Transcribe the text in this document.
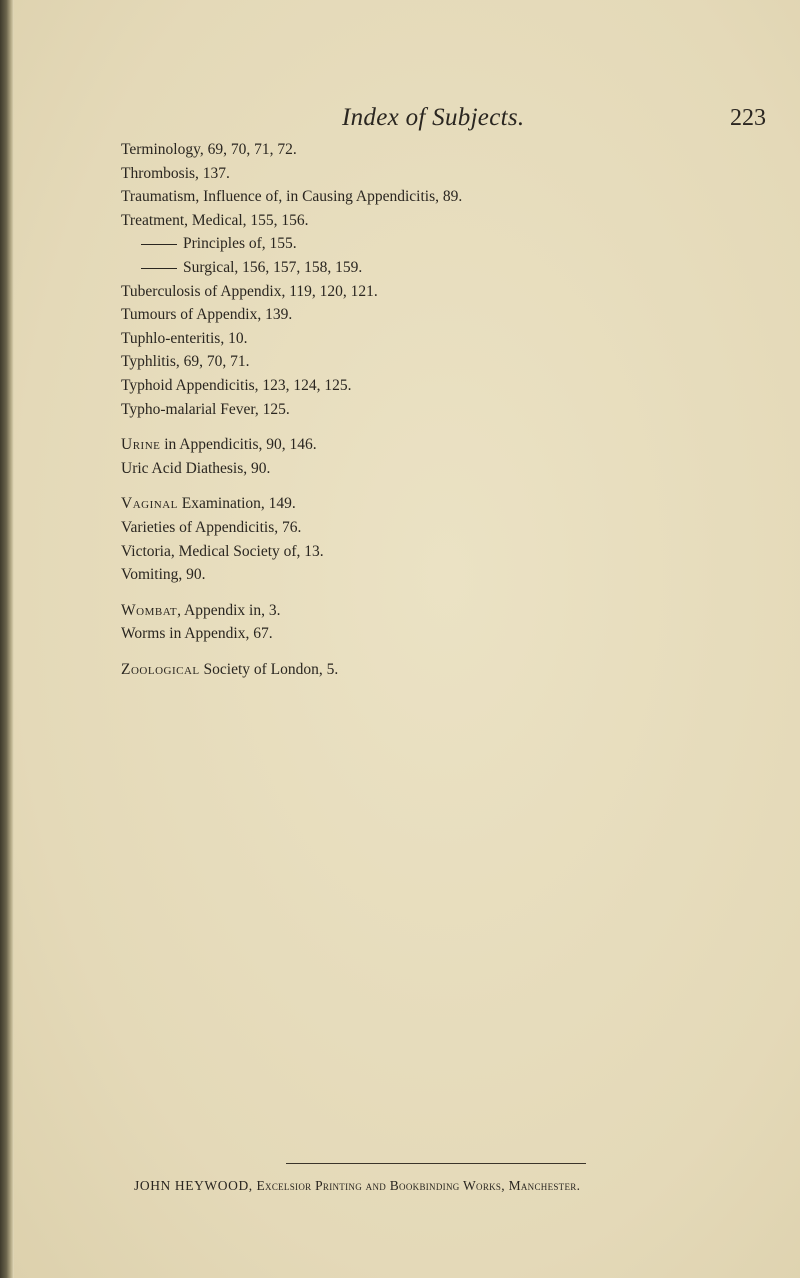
Index of Subjects.	223
Terminology, 69, 70, 71, 72.
Thrombosis, 137.
Traumatism, Influence of, in Causing Appendicitis, 89.
Treatment, Medical, 155, 156.
Principles of, 155.
Surgical, 156, 157, 158, 159.
Tuberculosis of Appendix, 119, 120, 121.
Tumours of Appendix, 139.
Tuphlo-enteritis, 10.
Typhlitis, 69, 70, 71.
Typhoid Appendicitis, 123, 124, 125.
Typho-malarial Fever, 125.
Urine in Appendicitis, 90, 146.
Uric Acid Diathesis, 90.
Vaginal Examination, 149.
Varieties of Appendicitis, 76.
Victoria, Medical Society of, 13.
Vomiting, 90.
Wombat, Appendix in, 3.
Worms in Appendix, 67.
Zoological Society of London, 5.
JOHN HEYWOOD, Excelsior Printing and Bookbinding Works, Manchester.
